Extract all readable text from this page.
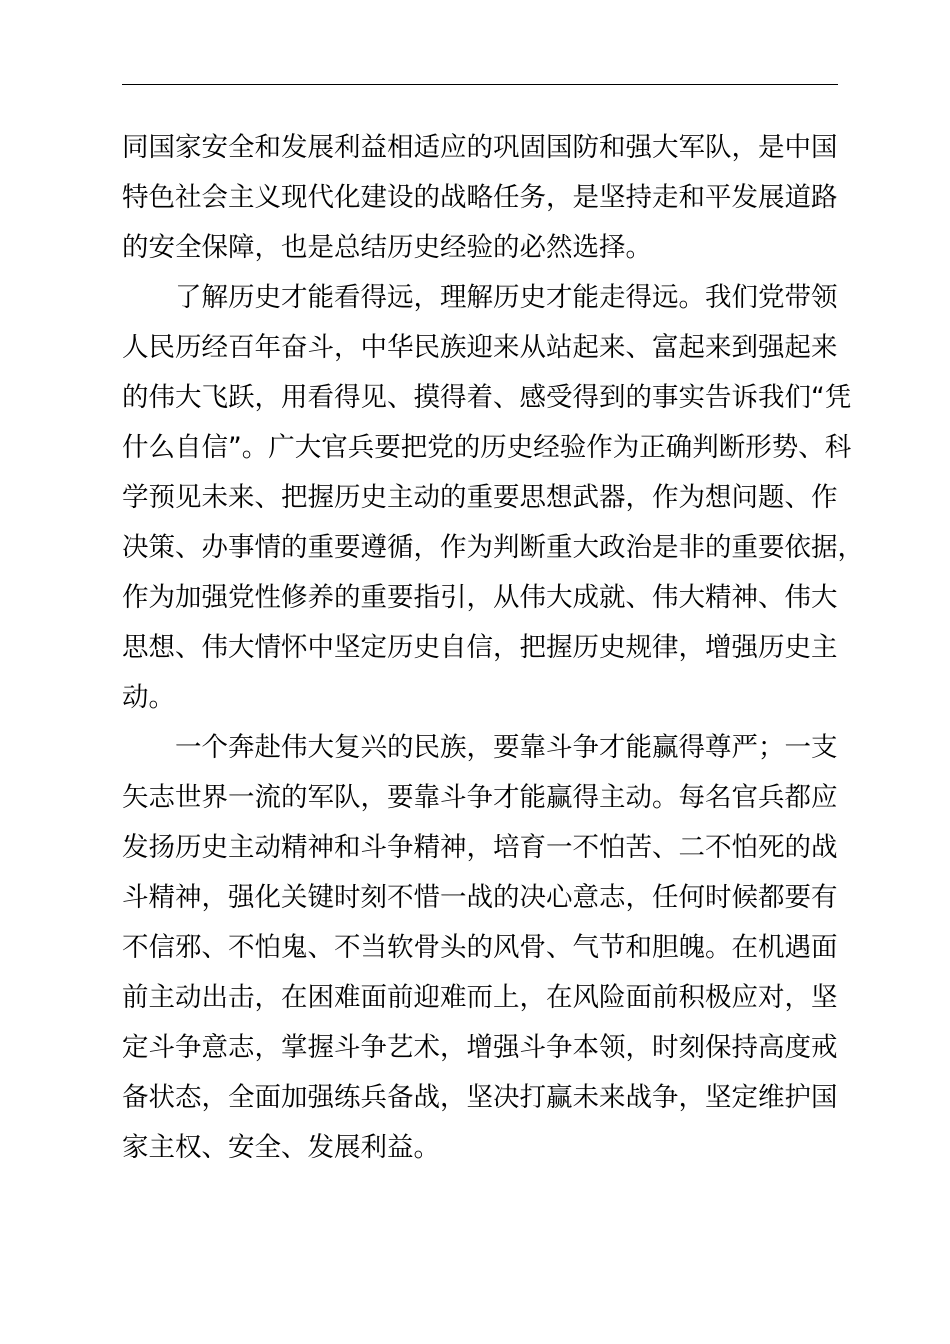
同国家安全和发展利益相适应的巩固国防和强大军队，是中国
特色社会主义现代化建设的战略任务，是坚持走和平发展道路
的安全保障，也是总结历史经验的必然选择。
了解历史才能看得远，理解历史才能走得远。我们党带领
人民历经百年奋斗，中华民族迎来从站起来、富起来到强起来
的伟大飞跃，用看得见、摸得着、感受得到的事实告诉我们“凭
什么自信”。广大官兵要把党的历史经验作为正确判断形势、科
学预见未来、把握历史主动的重要思想武器，作为想问题、作
决策、办事情的重要遵循，作为判断重大政治是非的重要依据，
作为加强党性修养的重要指引，从伟大成就、伟大精神、伟大
思想、伟大情怀中坚定历史自信，把握历史规律，增强历史主
动。
一个奔赴伟大复兴的民族，要靠斗争才能赢得尊严；一支
矢志世界一流的军队，要靠斗争才能赢得主动。每名官兵都应
发扬历史主动精神和斗争精神，培育一不怕苦、二不怕死的战
斗精神，强化关键时刻不惜一战的决心意志，任何时候都要有
不信邪、不怕鬼、不当软骨头的风骨、气节和胆魄。在机遇面
前主动出击，在困难面前迎难而上，在风险面前积极应对，坚
定斗争意志，掌握斗争艺术，增强斗争本领，时刻保持高度戒
备状态，全面加强练兵备战，坚决打赢未来战争，坚定维护国
家主权、安全、发展利益。
